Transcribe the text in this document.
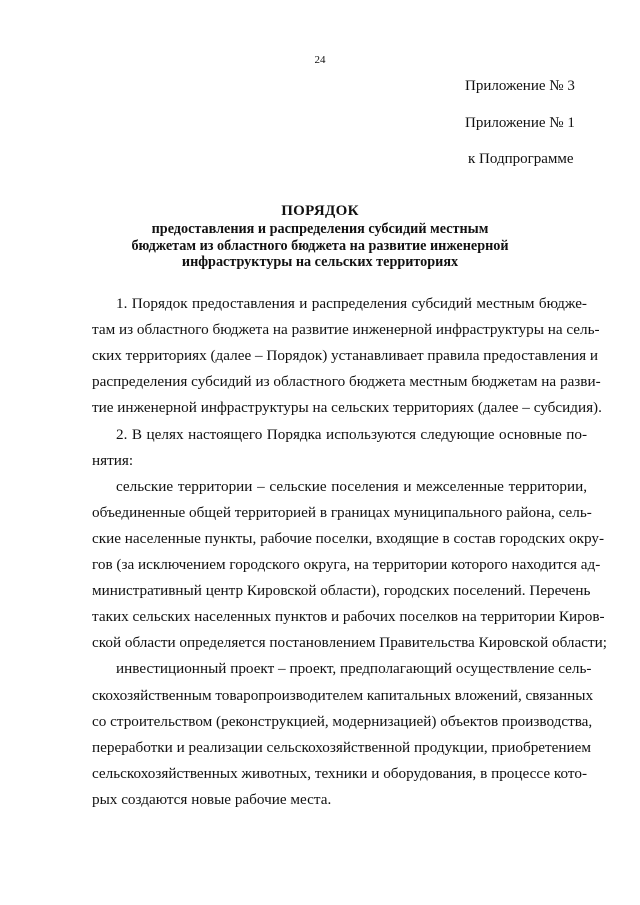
24
Приложение № 3
Приложение № 1
к Подпрограмме
ПОРЯДОК
предоставления и распределения субсидий местным
бюджетам из областного бюджета на развитие инженерной
инфраструктуры на сельских территориях
1. Порядок предоставления и распределения субсидий местным бюдже-
там из областного бюджета на развитие инженерной инфраструктуры на сель-
ских территориях (далее – Порядок) устанавливает правила предоставления и
распределения субсидий из областного бюджета местным бюджетам на разви-
тие инженерной инфраструктуры на сельских территориях (далее – субсидия).
2. В целях настоящего Порядка используются следующие основные по-
нятия:
сельские территории – сельские поселения и межселенные территории,
объединенные общей территорией в границах муниципального района, сель-
ские населенные пункты, рабочие поселки, входящие в состав городских окру-
гов (за исключением городского округа, на территории которого находится ад-
министративный центр Кировской области), городских поселений. Перечень
таких сельских населенных пунктов и рабочих поселков на территории Киров-
ской области определяется постановлением Правительства Кировской области;
инвестиционный проект – проект, предполагающий осуществление сель-
скохозяйственным товаропроизводителем капитальных вложений, связанных
со строительством (реконструкцией, модернизацией) объектов производства,
переработки и реализации сельскохозяйственной продукции, приобретением
сельскохозяйственных животных, техники и оборудования, в процессе кото-
рых создаются новые рабочие места.
